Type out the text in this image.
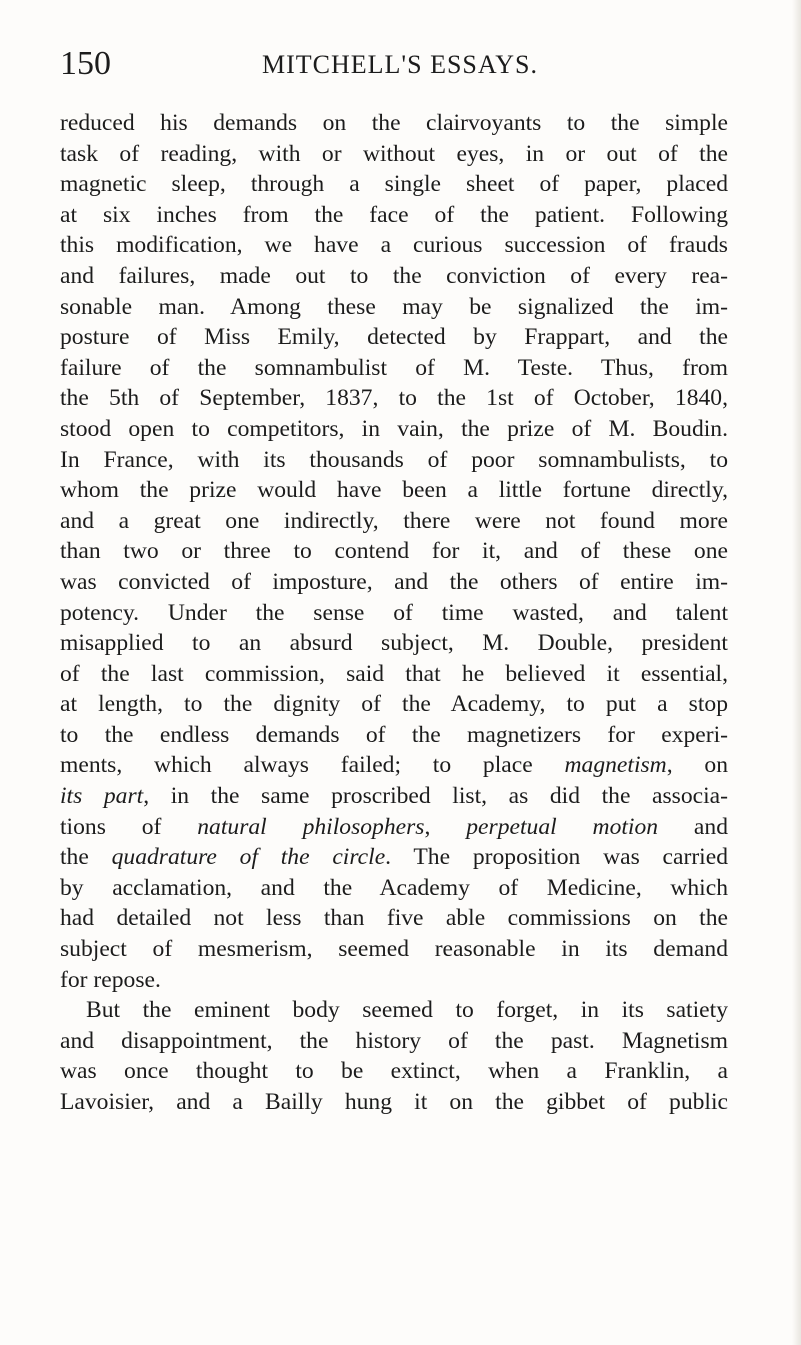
150	MITCHELL'S ESSAYS.
reduced his demands on the clairvoyants to the simple
task of reading, with or without eyes, in or out of the
magnetic sleep, through a single sheet of paper, placed
at six inches from the face of the patient. Following
this modification, we have a curious succession of frauds
and failures, made out to the conviction of every rea-
sonable man. Among these may be signalized the im-
posture of Miss Emily, detected by Frappart, and the
failure of the somnambulist of M. Teste. Thus, from
the 5th of September, 1837, to the 1st of October, 1840,
stood open to competitors, in vain, the prize of M. Boudin.
In France, with its thousands of poor somnambulists, to
whom the prize would have been a little fortune directly,
and a great one indirectly, there were not found more
than two or three to contend for it, and of these one
was convicted of imposture, and the others of entire im-
potency. Under the sense of time wasted, and talent
misapplied to an absurd subject, M. Double, president
of the last commission, said that he believed it essential,
at length, to the dignity of the Academy, to put a stop
to the endless demands of the magnetizers for experi-
ments, which always failed; to place magnetism, on
its part, in the same proscribed list, as did the associa-
tions of natural philosophers, perpetual motion and
the quadrature of the circle. The proposition was carried
by acclamation, and the Academy of Medicine, which
had detailed not less than five able commissions on the
subject of mesmerism, seemed reasonable in its demand
for repose.
But the eminent body seemed to forget, in its satiety
and disappointment, the history of the past. Magnetism
was once thought to be extinct, when a Franklin, a
Lavoisier, and a Bailly hung it on the gibbet of public
